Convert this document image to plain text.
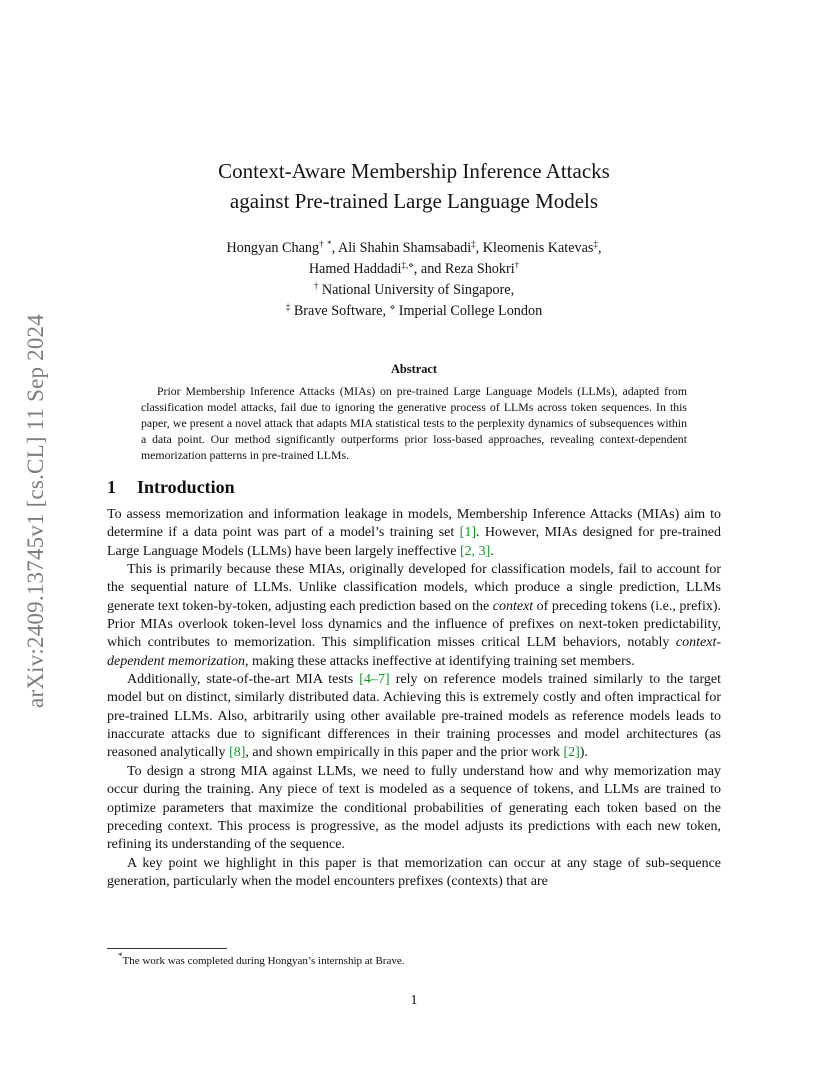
arXiv:2409.13745v1 [cs.CL] 11 Sep 2024
Context-Aware Membership Inference Attacks
against Pre-trained Large Language Models
Hongyan Chang† *, Ali Shahin Shamsabadi‡, Kleomenis Katevas‡,
Hamed Haddadi‡,⋄, and Reza Shokri†
† National University of Singapore,
‡ Brave Software, ⋄ Imperial College London
Abstract
Prior Membership Inference Attacks (MIAs) on pre-trained Large Language Models (LLMs), adapted from classification model attacks, fail due to ignoring the generative process of LLMs across token sequences. In this paper, we present a novel attack that adapts MIA statistical tests to the perplexity dynamics of subsequences within a data point. Our method significantly outperforms prior loss-based approaches, revealing context-dependent memorization patterns in pre-trained LLMs.
1 Introduction

To assess memorization and information leakage in models, Membership Inference Attacks (MIAs) aim to determine if a data point was part of a model’s training set [1]. However, MIAs designed for pre-trained Large Language Models (LLMs) have been largely ineffective [2, 3].

This is primarily because these MIAs, originally developed for classification models, fail to account for the sequential nature of LLMs. Unlike classification models, which produce a single prediction, LLMs generate text token-by-token, adjusting each prediction based on the context of preceding tokens (i.e., prefix). Prior MIAs overlook token-level loss dynamics and the influence of prefixes on next-token predictability, which contributes to memorization. This simplification misses critical LLM behaviors, notably context-dependent memorization, making these attacks ineffective at identifying training set members.

Additionally, state-of-the-art MIA tests [4–7] rely on reference models trained similarly to the target model but on distinct, similarly distributed data. Achieving this is extremely costly and often impractical for pre-trained LLMs. Also, arbitrarily using other available pre-trained models as reference models leads to inaccurate attacks due to significant differences in their training processes and model architectures (as reasoned analytically [8], and shown empirically in this paper and the prior work [2]).

To design a strong MIA against LLMs, we need to fully understand how and why memorization may occur during the training. Any piece of text is modeled as a sequence of tokens, and LLMs are trained to optimize parameters that maximize the conditional probabilities of generating each token based on the preceding context. This process is progressive, as the model adjusts its predictions with each new token, refining its understanding of the sequence.

A key point we highlight in this paper is that memorization can occur at any stage of sub-sequence generation, particularly when the model encounters prefixes (contexts) that are

*The work was completed during Hongyan’s internship at Brave.
1
